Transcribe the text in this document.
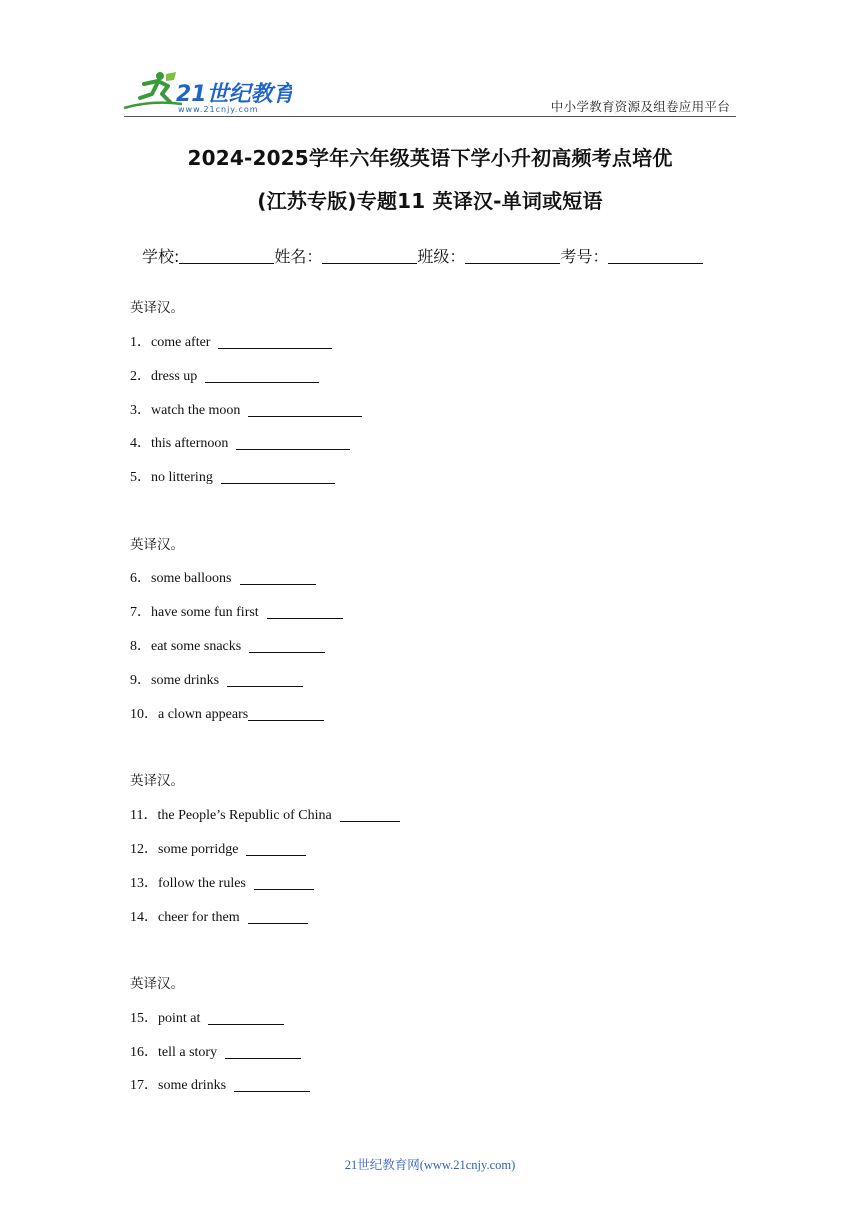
21世纪教育
www.21cnjy.com	中小学教育资源及组卷应用平台
2024-2025学年六年级英语下学小升初高频考点培优
(江苏专版)专题11 英译汉-单词或短语
学校:	姓名：	班级：	考号：
英译汉。
1．come after
2．dress up
3．watch the moon
4．this afternoon
5．no littering
英译汉。
6．some balloons
7．have some fun first
8．eat some snacks
9．some drinks
10．a clown appears
英译汉。
11．the People’s Republic of China
12．some porridge
13．follow the rules
14．cheer for them
英译汉。
15．point at
16．tell a story
17．some drinks
21世纪教育网(www.21cnjy.com)
